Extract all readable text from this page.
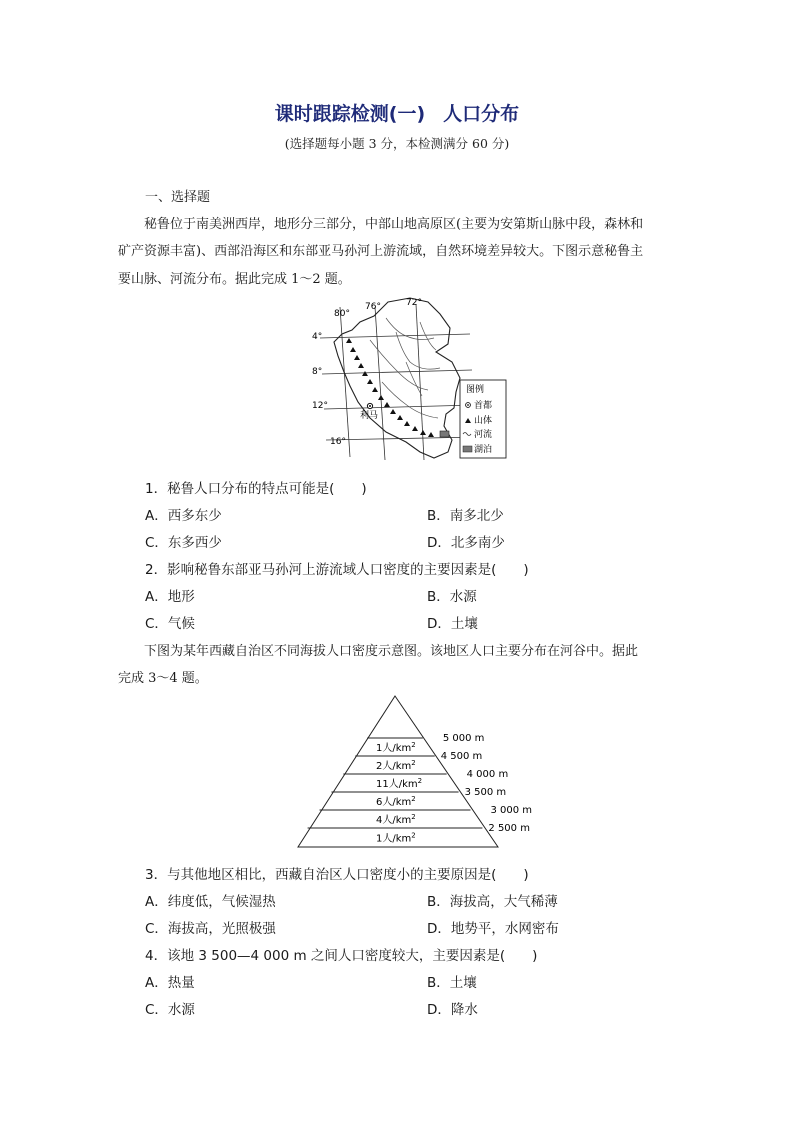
课时跟踪检测(一) 人口分布
(选择题每小题 3 分，本检测满分 60 分)
一、选择题
秘鲁位于南美洲西岸，地形分三部分，中部山地高原区(主要为安第斯山脉中段，森林和
矿产资源丰富)、西部沿海区和东部亚马孙河上游流域，自然环境差异较大。下图示意秘鲁主
要山脉、河流分布。据此完成 1～2 题。
利马
80°
76°	72°
4°
8°
12°
16°
图例
首都
山体
河流
湖泊
1．秘鲁人口分布的特点可能是(　　)
A．西多东少	B．南多北少
C．东多西少	D．北多南少
2．影响秘鲁东部亚马孙河上游流域人口密度的主要因素是(　　)
A．地形	B．水源
C．气候	D．土壤
下图为某年西藏自治区不同海拔人口密度示意图。该地区人口主要分布在河谷中。据此
完成 3～4 题。
1人$/km^2$
2人$/km^2$
11人$/km^2$
6人$/km^2$
4人$/km^2$
1人$/km^2$
5 000 m
4 500 m
4 000 m
3 500 m
3 000 m
2 500 m
3．与其他地区相比，西藏自治区人口密度小的主要原因是(　　)
A．纬度低，气候湿热	B．海拔高，大气稀薄
C．海拔高，光照极强	D．地势平，水网密布
4．该地 3 500—4 000 m 之间人口密度较大，主要因素是(　　)
A．热量	B．土壤
C．水源	D．降水
